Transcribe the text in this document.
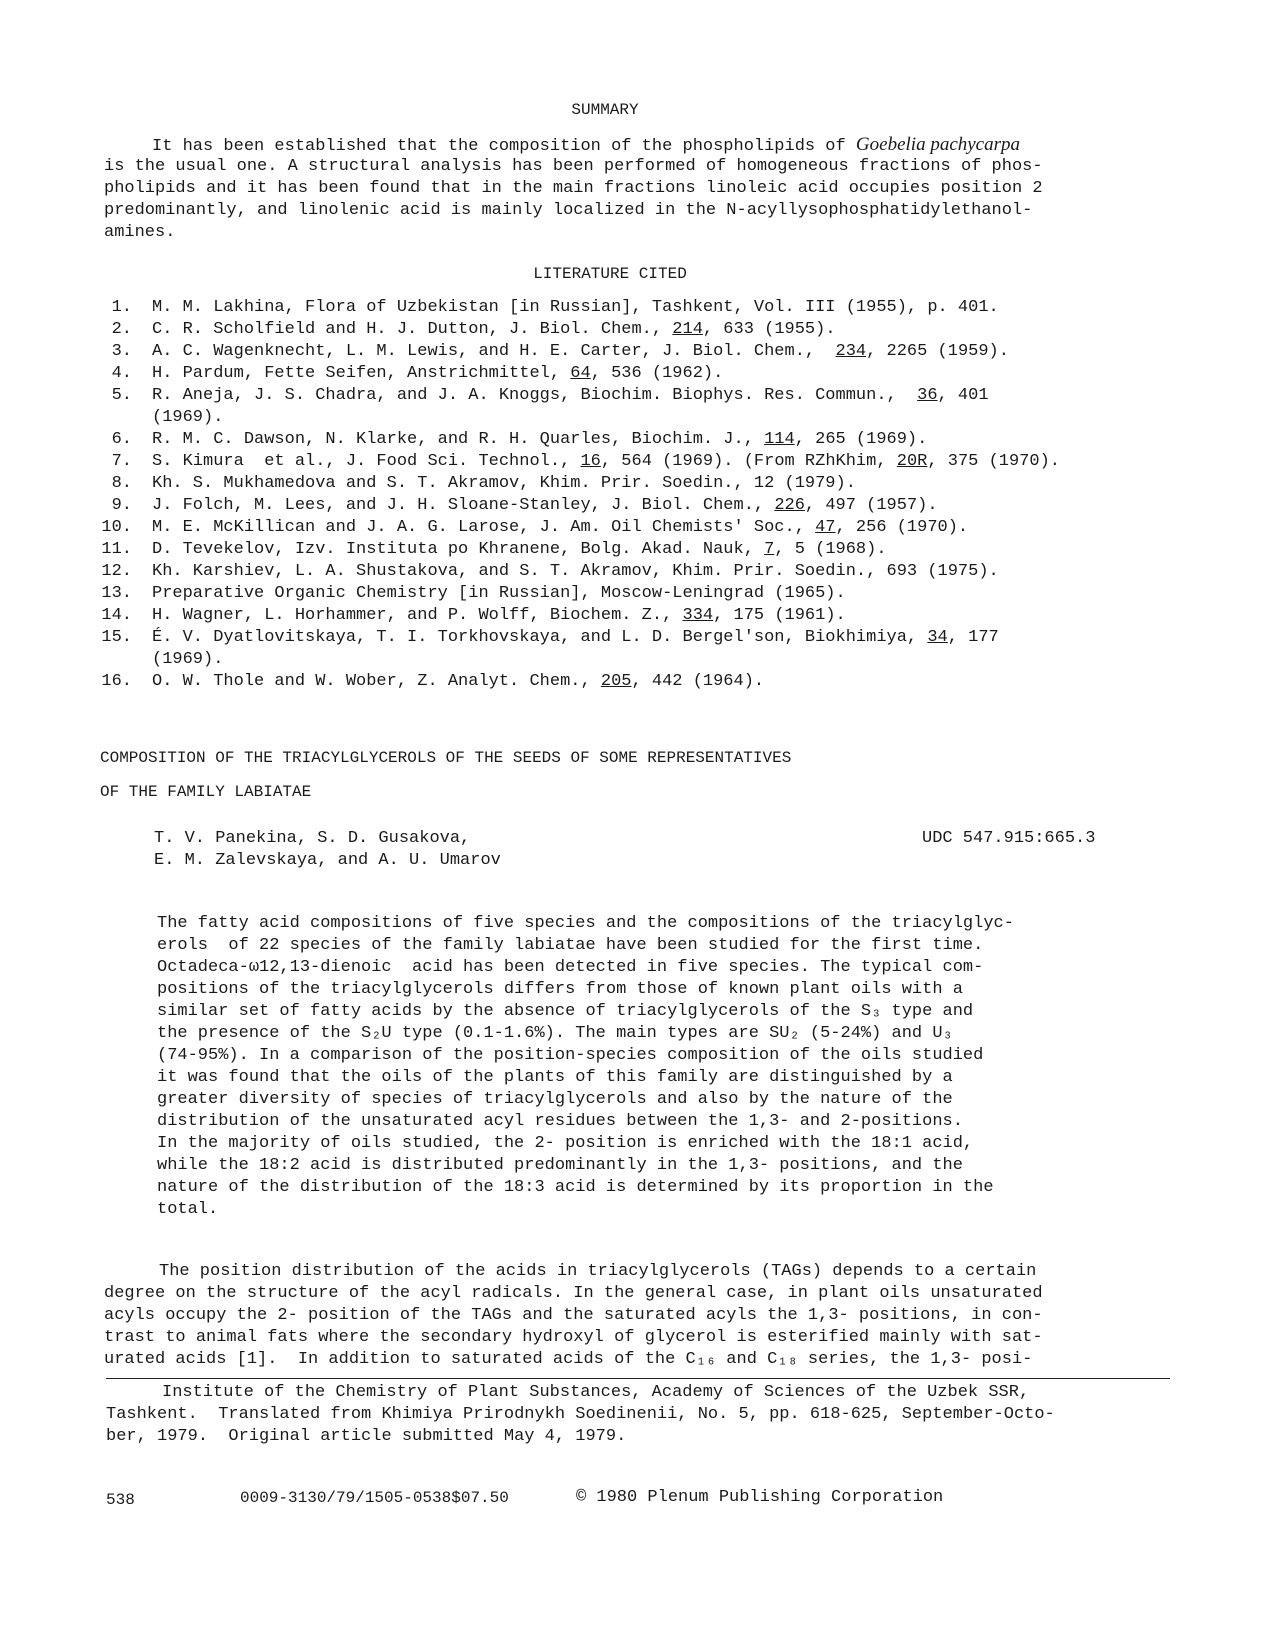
SUMMARY
It has been established that the composition of the phospholipids of Goebelia pachycarpa
is the usual one. A structural analysis has been performed of homogeneous fractions of phos-
pholipids and it has been found that in the main fractions linoleic acid occupies position 2
predominantly, and linolenic acid is mainly localized in the N-acyllysophosphatidylethanol-
amines.
LITERATURE CITED
1. M. M. Lakhina, Flora of Uzbekistan [in Russian], Tashkent, Vol. III (1955), p. 401.
2. C. R. Scholfield and H. J. Dutton, J. Biol. Chem., 214, 633 (1955).
3. A. C. Wagenknecht, L. M. Lewis, and H. E. Carter, J. Biol. Chem.,  234, 2265 (1959).
4. H. Pardum, Fette Seifen, Anstrichmittel, 64, 536 (1962).
5. R. Aneja, J. S. Chadra, and J. A. Knoggs, Biochim. Biophys. Res. Commun.,  36, 401
(1969).
6. R. M. C. Dawson, N. Klarke, and R. H. Quarles, Biochim. J., 114, 265 (1969).
7. S. Kimura  et al., J. Food Sci. Technol., 16, 564 (1969). (From RZhKhim, 20R, 375 (1970).
8. Kh. S. Mukhamedova and S. T. Akramov, Khim. Prir. Soedin., 12 (1979).
9. J. Folch, M. Lees, and J. H. Sloane-Stanley, J. Biol. Chem., 226, 497 (1957).
10. M. E. McKillican and J. A. G. Larose, J. Am. Oil Chemists' Soc., 47, 256 (1970).
11. D. Tevekelov, Izv. Instituta po Khranene, Bolg. Akad. Nauk, 7, 5 (1968).
12. Kh. Karshiev, L. A. Shustakova, and S. T. Akramov, Khim. Prir. Soedin., 693 (1975).
13. Preparative Organic Chemistry [in Russian], Moscow-Leningrad (1965).
14. H. Wagner, L. Horhammer, and P. Wolff, Biochem. Z., 334, 175 (1961).
15. É. V. Dyatlovitskaya, T. I. Torkhovskaya, and L. D. Bergel'son, Biokhimiya, 34, 177
(1969).
16. O. W. Thole and W. Wober, Z. Analyt. Chem., 205, 442 (1964).
COMPOSITION OF THE TRIACYLGLYCEROLS OF THE SEEDS OF SOME REPRESENTATIVES
OF THE FAMILY LABIATAE
T. V. Panekina, S. D. Gusakova,
E. M. Zalevskaya, and A. U. Umarov
UDC 547.915:665.3
The fatty acid compositions of five species and the compositions of the triacylglyc-
erols  of 22 species of the family labiatae have been studied for the first time.
Octadeca-ω12,13-dienoic  acid has been detected in five species. The typical com-
positions of the triacylglycerols differs from those of known plant oils with a
similar set of fatty acids by the absence of triacylglycerols of the S₃ type and
the presence of the S₂U type (0.1-1.6%). The main types are SU₂ (5-24%) and U₃
(74-95%). In a comparison of the position-species composition of the oils studied
it was found that the oils of the plants of this family are distinguished by a
greater diversity of species of triacylglycerols and also by the nature of the
distribution of the unsaturated acyl residues between the 1,3- and 2-positions.
In the majority of oils studied, the 2- position is enriched with the 18:1 acid,
while the 18:2 acid is distributed predominantly in the 1,3- positions, and the
nature of the distribution of the 18:3 acid is determined by its proportion in the
total.
The position distribution of the acids in triacylglycerols (TAGs) depends to a certain
degree on the structure of the acyl radicals. In the general case, in plant oils unsaturated
acyls occupy the 2- position of the TAGs and the saturated acyls the 1,3- positions, in con-
trast to animal fats where the secondary hydroxyl of glycerol is esterified mainly with sat-
urated acids [1].  In addition to saturated acids of the C₁₆ and C₁₈ series, the 1,3- posi-
Institute of the Chemistry of Plant Substances, Academy of Sciences of the Uzbek SSR,
Tashkent.  Translated from Khimiya Prirodnykh Soedinenii, No. 5, pp. 618-625, September-Octo-
ber, 1979.  Original article submitted May 4, 1979.
538	0009-3130/79/1505-0538$07.50	© 1980 Plenum Publishing Corporation
